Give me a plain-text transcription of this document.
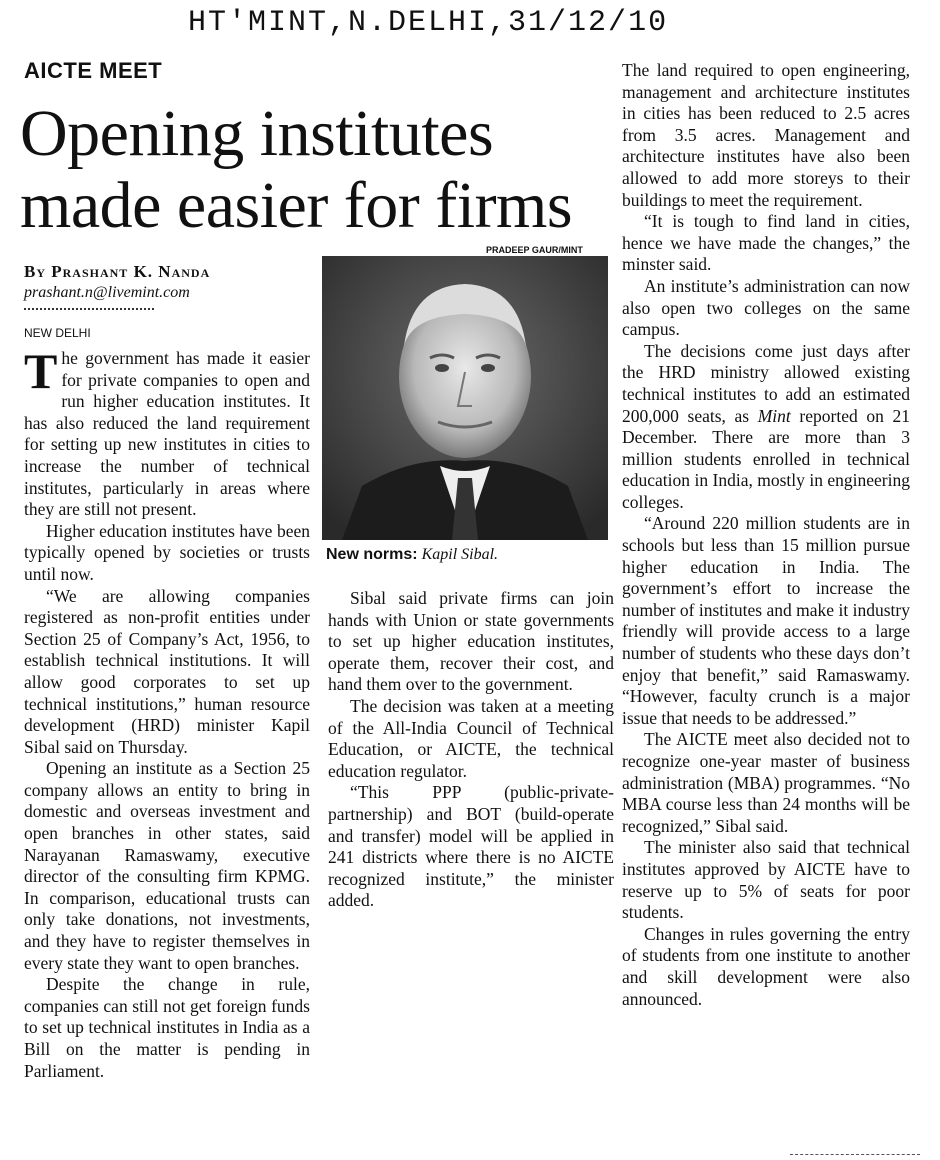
HT'MINT,N.DELHI,31/12/10
AICTE MEET
Opening institutes
made easier for firms
By Prashant K. Nanda
prashant.n@livemint.com
NEW DELHI
PRADEEP GAUR/MINT
New norms: Kapil Sibal.

The government has made it easier for private companies to open and run higher education institutes. It has also reduced the land requirement for setting up new institutes in cities to increase the number of technical institutes, particularly in areas where they are still not present.

Higher education institutes have been typically opened by societies or trusts until now.

“We are allowing companies registered as non-profit entities under Section 25 of Company’s Act, 1956, to establish technical institutions. It will allow good corporates to set up technical institutions,” human resource development (HRD) minister Kapil Sibal said on Thursday.

Opening an institute as a Section 25 company allows an entity to bring in domestic and overseas investment and open branches in other states, said Narayanan Ramaswamy, executive director of the consulting firm KPMG. In comparison, educational trusts can only take donations, not investments, and they have to register themselves in every state they want to open branches.

Despite the change in rule, companies can still not get foreign funds to set up technical institutes in India as a Bill on the matter is pending in Parliament.

Sibal said private firms can join hands with Union or state governments to set up higher education institutes, operate them, recover their cost, and hand them over to the government.

The decision was taken at a meeting of the All-India Council of Technical Education, or AICTE, the technical education regulator.

“This PPP (public-private-partnership) and BOT (build-operate and transfer) model will be applied in 241 districts where there is no AICTE recognized institute,” the minister added.

The land required to open engineering, management and architecture institutes in cities has been reduced to 2.5 acres from 3.5 acres. Management and architecture institutes have also been allowed to add more storeys to their buildings to meet the requirement.

“It is tough to find land in cities, hence we have made the changes,” the minster said.

An institute’s administration can now also open two colleges on the same campus.

The decisions come just days after the HRD ministry allowed existing technical institutes to add an estimated 200,000 seats, as Mint reported on 21 December. There are more than 3 million students enrolled in technical education in India, mostly in engineering colleges.

“Around 220 million students are in schools but less than 15 million pursue higher education in India. The government’s effort to increase the number of institutes and make it industry friendly will provide access to a large number of students who these days don’t enjoy that benefit,” said Ramaswamy. “However, faculty crunch is a major issue that needs to be addressed.”

The AICTE meet also decided not to recognize one-year master of business administration (MBA) programmes. “No MBA course less than 24 months will be recognized,” Sibal said.

The minister also said that technical institutes approved by AICTE have to reserve up to 5% of seats for poor students.

Changes in rules governing the entry of students from one institute to another and skill development were also announced.
